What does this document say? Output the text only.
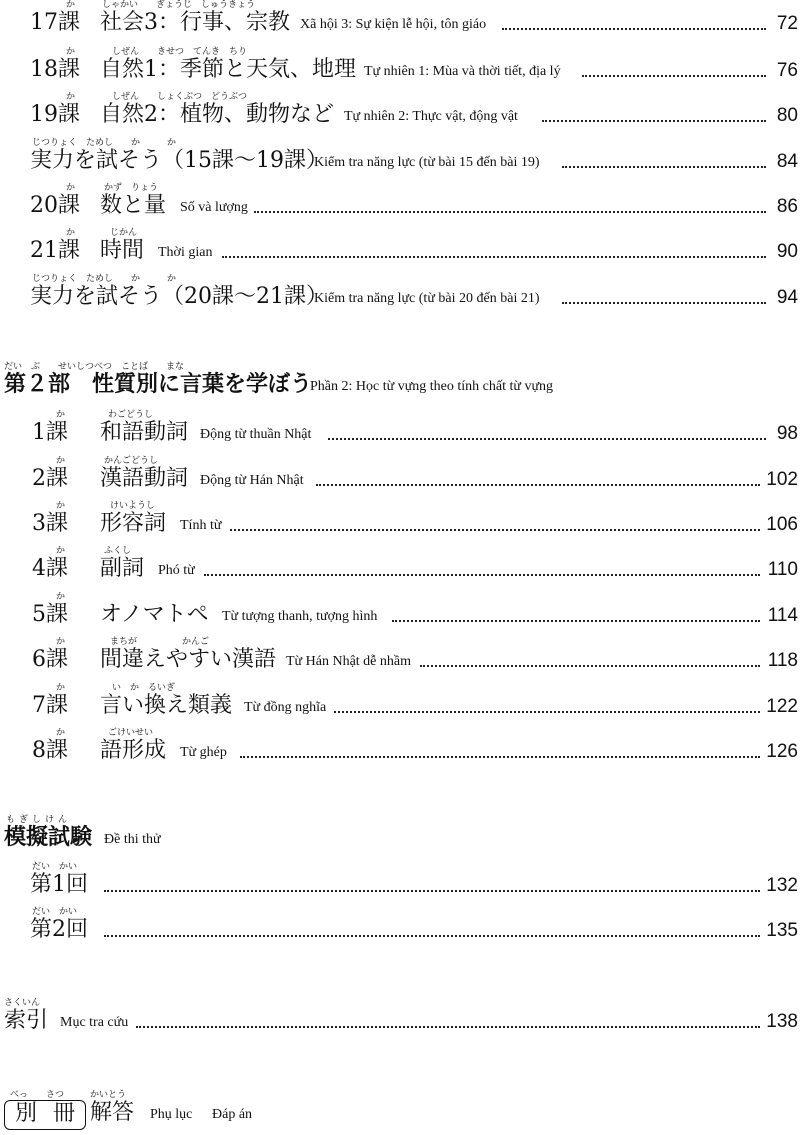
か
17課
しゃかい　　ぎょうじ　しゅうきょう
社会3：行事、宗教 Xã hội 3: Sự kiện lễ hội, tôn giáo	72
か
18課
しぜん　　きせつ　てんき　ちり
自然1：季節と天気、地理 Tự nhiên 1: Mùa và thời tiết, địa lý	76
か
19課
しぜん　　しょくぶつ　どうぶつ
自然2：植物、動物など Tự nhiên 2: Thực vật, động vật	80
じつりょく　ためし　　か　　　か
実力を試そう（15課〜19課）
Kiểm tra năng lực (từ bài 15 đến bài 19)	84
か
20課
かず　りょう
数と量 Số và lượng	86
か
21課
じかん
時間 Thời gian	90
じつりょく　ためし　　か　　　か
実力を試そう（20課〜21課）
Kiểm tra năng lực (từ bài 20 đến bài 21)	94
だい　ぶ　　せいしつべつ　ことば　　まな
第２部　性質別に言葉を学ぼう
Phần 2: Học từ vựng theo tính chất từ vựng
か
1課
わごどうし
和語動詞 Động từ thuần Nhật	98
か
2課
かんごどうし
漢語動詞 Động từ Hán Nhật	102
か
3課
けいようし
形容詞 Tính từ	106
か
4課
ふくし
副詞 Phó từ	110
か
5課 オノマトペ Từ tượng thanh, tượng hình	114
か
6課
まちが　　　　　かんご
間違えやすい漢語 Từ Hán Nhật dễ nhầm	118
か
7課
い　か　るいぎ
言い換え類義 Từ đồng nghĩa	122
か
8課
ごけいせい
語形成 Từ ghép	126
もぎしけん
模擬試験 Đề thi thử
だい　かい
第1回	132
だい　かい
第2回	135
さくいん
索引 Mục tra cứu	138
べっ　　さつ
別 冊
かいとう
解答 Phụ lục Đáp án
